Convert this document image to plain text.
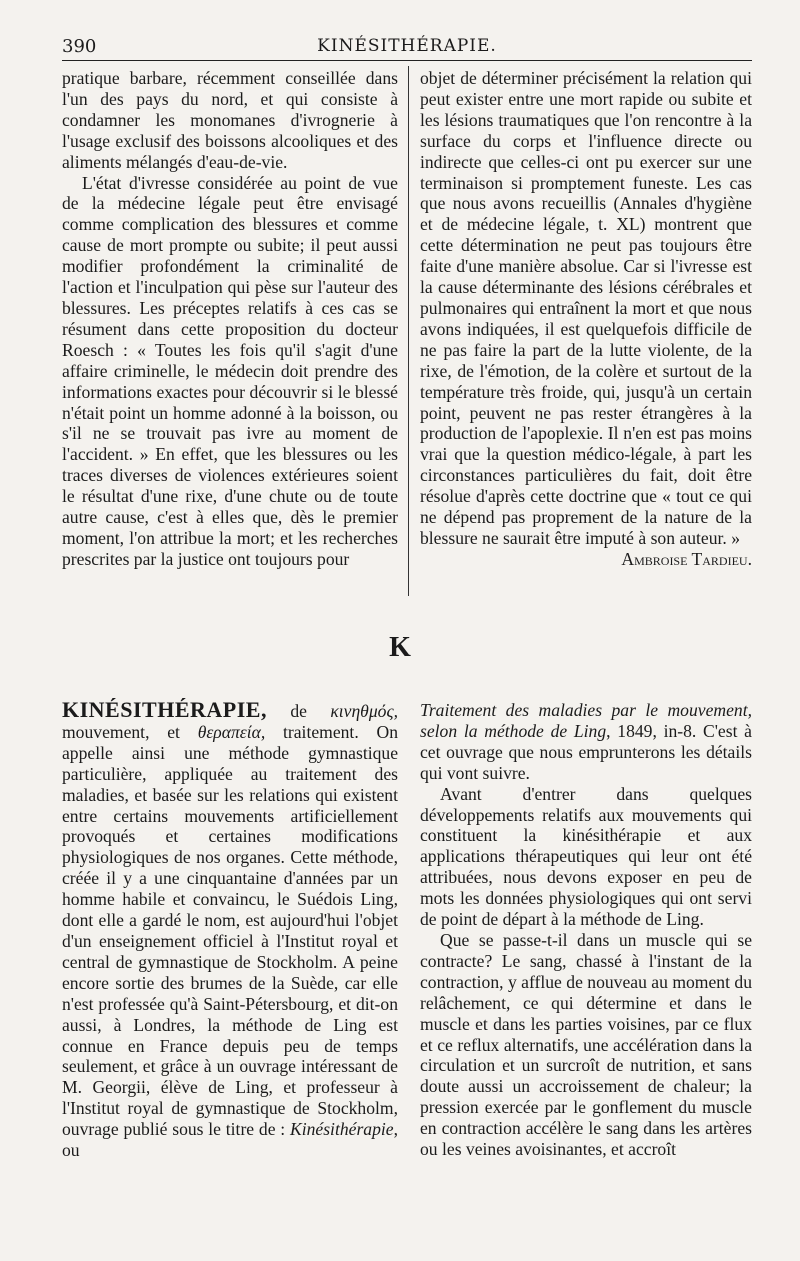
390	KINÉSITHÉRAPIE.

pratique barbare, récemment conseillée dans l'un des pays du nord, et qui consiste à condamner les monomanes d'ivrognerie à l'usage exclusif des boissons alcooliques et des aliments mélangés d'eau-de-vie.

L'état d'ivresse considérée au point de vue de la médecine légale peut être envisagé comme complication des blessures et comme cause de mort prompte ou subite; il peut aussi modifier profondément la criminalité de l'action et l'inculpation qui pèse sur l'auteur des blessures. Les préceptes relatifs à ces cas se résument dans cette proposition du docteur Roesch : « Toutes les fois qu'il s'agit d'une affaire criminelle, le médecin doit prendre des informations exactes pour découvrir si le blessé n'était point un homme adonné à la boisson, ou s'il ne se trouvait pas ivre au moment de l'accident. » En effet, que les blessures ou les traces diverses de violences extérieures soient le résultat d'une rixe, d'une chute ou de toute autre cause, c'est à elles que, dès le premier moment, l'on attribue la mort; et les recherches prescrites par la justice ont toujours pour

objet de déterminer précisément la relation qui peut exister entre une mort rapide ou subite et les lésions traumatiques que l'on rencontre à la surface du corps et l'influence directe ou indirecte que celles-ci ont pu exercer sur une terminaison si promptement funeste. Les cas que nous avons recueillis (Annales d'hygiène et de médecine légale, t. XL) montrent que cette détermination ne peut pas toujours être faite d'une manière absolue. Car si l'ivresse est la cause déterminante des lésions cérébrales et pulmonaires qui entraînent la mort et que nous avons indiquées, il est quelquefois difficile de ne pas faire la part de la lutte violente, de la rixe, de l'émotion, de la colère et surtout de la température très froide, qui, jusqu'à un certain point, peuvent ne pas rester étrangères à la production de l'apoplexie. Il n'en est pas moins vrai que la question médico-légale, à part les circonstances particulières du fait, doit être résolue d'après cette doctrine que « tout ce qui ne dépend pas proprement de la nature de la blessure ne saurait être imputé à son auteur. »

Ambroise Tardieu.
K

KINÉSITHÉRAPIE, de κινηθμός, mouvement, et θεραπεία, traitement. On appelle ainsi une méthode gymnastique particulière, appliquée au traitement des maladies, et basée sur les relations qui existent entre certains mouvements artificiellement provoqués et certaines modifications physiologiques de nos organes. Cette méthode, créée il y a une cinquantaine d'années par un homme habile et convaincu, le Suédois Ling, dont elle a gardé le nom, est aujourd'hui l'objet d'un enseignement officiel à l'Institut royal et central de gymnastique de Stockholm. A peine encore sortie des brumes de la Suède, car elle n'est professée qu'à Saint-Pétersbourg, et dit-on aussi, à Londres, la méthode de Ling est connue en France depuis peu de temps seulement, et grâce à un ouvrage intéressant de M. Georgii, élève de Ling, et professeur à l'Institut royal de gymnastique de Stockholm, ouvrage publié sous le titre de : Kinésithérapie, ou

Traitement des maladies par le mouvement, selon la méthode de Ling, 1849, in-8. C'est à cet ouvrage que nous emprunterons les détails qui vont suivre.

Avant d'entrer dans quelques développements relatifs aux mouvements qui constituent la kinésithérapie et aux applications thérapeutiques qui leur ont été attribuées, nous devons exposer en peu de mots les données physiologiques qui ont servi de point de départ à la méthode de Ling.

Que se passe-t-il dans un muscle qui se contracte? Le sang, chassé à l'instant de la contraction, y afflue de nouveau au moment du relâchement, ce qui détermine et dans le muscle et dans les parties voisines, par ce flux et ce reflux alternatifs, une accélération dans la circulation et un surcroît de nutrition, et sans doute aussi un accroissement de chaleur; la pression exercée par le gonflement du muscle en contraction accélère le sang dans les artères ou les veines avoisinantes, et accroît
